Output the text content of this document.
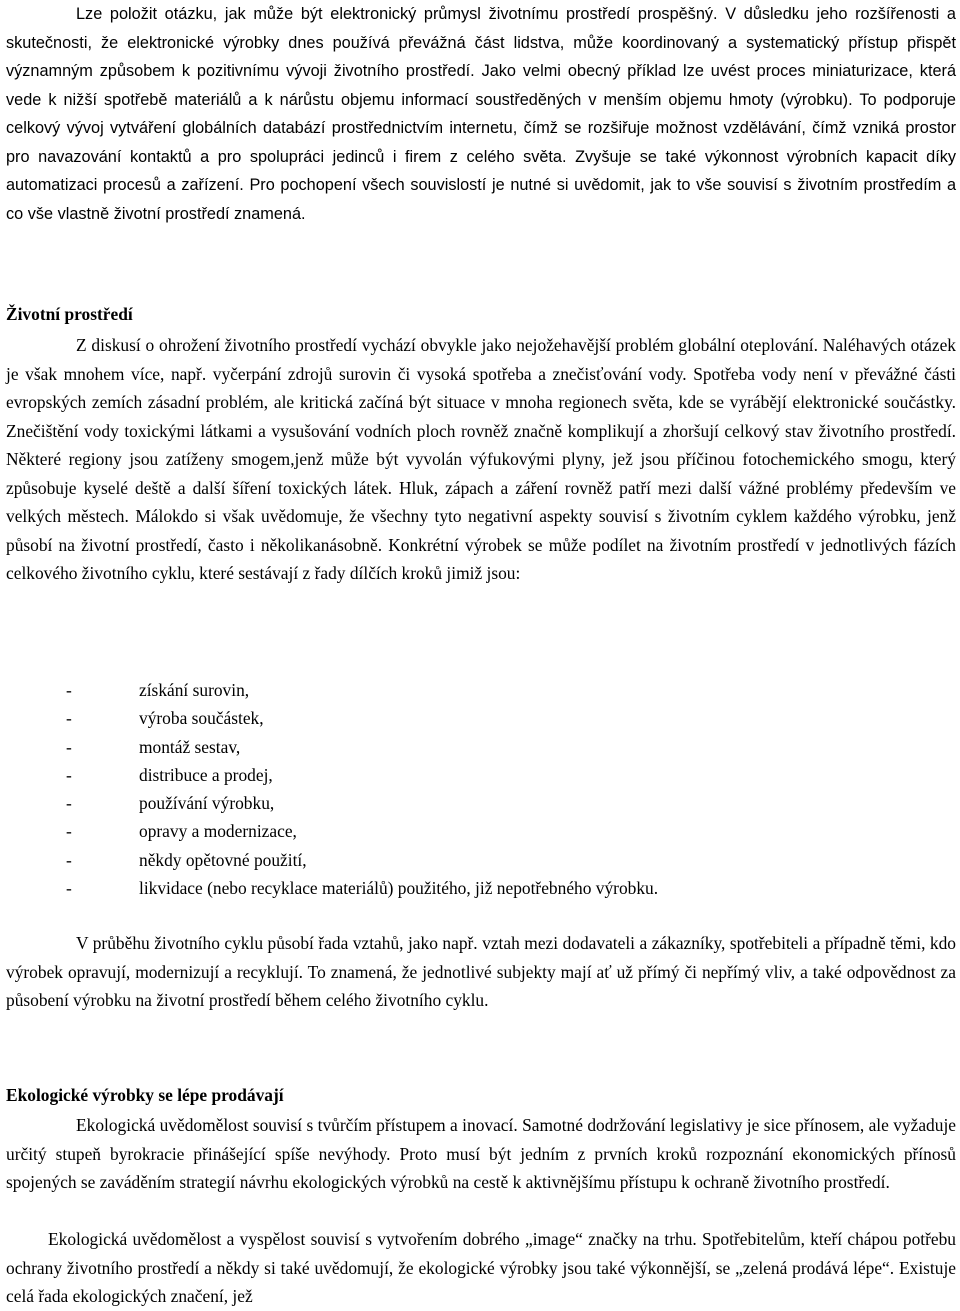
Lze položit otázku, jak může být elektronický průmysl životnímu prostředí prospěšný. V důsledku jeho rozšířenosti a skutečnosti, že elektronické výrobky dnes používá převážná část lidstva, může koordinovaný a systematický přístup přispět významným způsobem k pozitivnímu vývoji životního prostředí. Jako velmi obecný příklad lze uvést proces miniaturizace, která vede k nižší spotřebě materiálů a k nárůstu objemu informací soustředěných v menším objemu hmoty (výrobku). To podporuje celkový vývoj vytváření globálních databází prostřednictvím internetu, čímž se rozšiřuje možnost vzdělávání, čímž vzniká prostor pro navazování kontaktů a pro spolupráci jedinců i firem z celého světa. Zvyšuje se také výkonnost výrobních kapacit díky automatizaci procesů a zařízení. Pro pochopení všech souvislostí je nutné si uvědomit, jak to vše souvisí s životním prostředím a co vše vlastně životní prostředí znamená.

Životní prostředí

Z diskusí o ohrožení životního prostředí vychází obvykle jako nejožehavější problém globální oteplování. Naléhavých otázek je však mnohem více, např. vyčerpání zdrojů surovin či vysoká spotřeba a znečisťování vody. Spotřeba vody není v převážné části evropských zemích zásadní problém, ale kritická začíná být situace v mnoha regionech světa, kde se vyrábějí elektronické součástky. Znečištění vody toxickými látkami a vysušování vodních ploch rovněž značně komplikují a zhoršují celkový stav životního prostředí. Některé regiony jsou zatíženy smogem,jenž může být vyvolán výfukovými plyny, jež jsou příčinou fotochemického smogu, který způsobuje kyselé deště a další šíření toxických látek. Hluk, zápach a záření rovněž patří mezi další vážné problémy především ve velkých městech. Málokdo si však uvědomuje, že všechny tyto negativní aspekty souvisí s životním cyklem každého výrobku, jenž působí na životní prostředí, často i několikanásobně. Konkrétní výrobek se může podílet na životním prostředí v jednotlivých fázích celkového životního cyklu, které sestávají z řady dílčích kroků jimiž jsou:

-	získání surovin,
-	výroba součástek,
-	montáž sestav,
-	distribuce a prodej,
-	používání výrobku,
-	opravy a modernizace,
-	někdy opětovné použití,
-	likvidace (nebo recyklace materiálů) použitého, již nepotřebného výrobku.

V průběhu životního cyklu působí řada vztahů, jako např. vztah mezi dodavateli a zákazníky, spotřebiteli a případně těmi, kdo výrobek opravují, modernizují a recyklují. To znamená, že jednotlivé subjekty mají ať už přímý či nepřímý vliv, a také odpovědnost za působení výrobku na životní prostředí během celého životního cyklu.

Ekologické výrobky se lépe prodávají

Ekologická uvědomělost souvisí s tvůrčím přístupem a inovací. Samotné dodržování legislativy je sice přínosem, ale vyžaduje určitý stupeň byrokracie přinášející spíše nevýhody. Proto musí být jedním z prvních kroků rozpoznání ekonomických přínosů spojených se zaváděním strategií návrhu ekologických výrobků na cestě k aktivnějšímu přístupu k ochraně životního prostředí.

Ekologická uvědomělost a vyspělost souvisí s vytvořením dobrého „image“ značky na trhu. Spotřebitelům, kteří chápou potřebu ochrany životního prostředí a někdy si také uvědomují, že ekologické výrobky jsou také výkonnější, se „zelená prodává lépe“. Existuje celá řada ekologických značení, jež
